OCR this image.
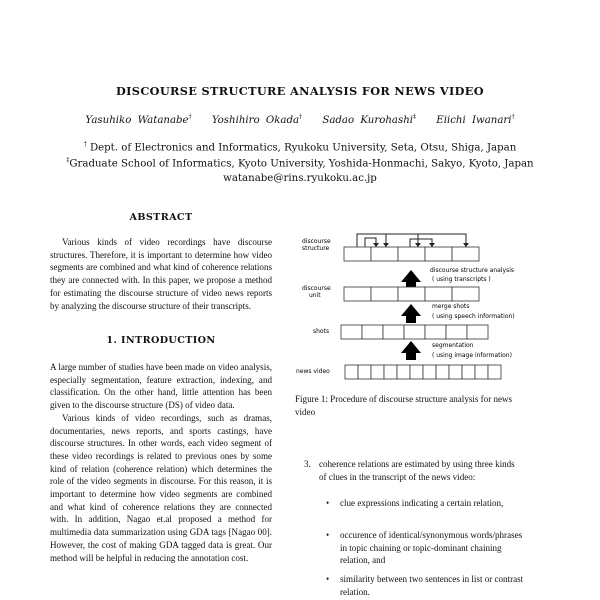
DISCOURSE STRUCTURE ANALYSIS FOR NEWS VIDEO
Yasuhiko Watanabe† Yoshihiro Okada† Sadao Kurohashi‡ Eiichi Iwanari†
† Dept. of Electronics and Informatics, Ryukoku University, Seta, Otsu, Shiga, Japan
‡Graduate School of Informatics, Kyoto University, Yoshida-Honmachi, Sakyo, Kyoto, Japan
watanabe@rins.ryukoku.ac.jp
ABSTRACT

Various kinds of video recordings have discourse structures. Therefore, it is important to determine how video segments are combined and what kind of coherence relations they are connected with. In this paper, we propose a method for estimating the discourse structure of video news reports by analyzing the discourse structure of their transcripts.

1. INTRODUCTION

A large number of studies have been made on video analysis, especially segmentation, feature extraction, indexing, and classification. On the other hand, little attention has been given to the discourse structure (DS) of video data.

Various kinds of video recordings, such as dramas, documentaries, news reports, and sports castings, have discourse structures. In other words, each video segment of these video recordings is related to previous ones by some kind of relation (coherence relation) which determines the role of the video segments in discourse. For this reason, it is important to determine how video segments are combined and what kind of coherence relations they are connected with. In addition, Nagao et.al proposed a method for multimedia data summarization using GDA tags [Nagao 00]. However, the cost of making GDA tagged data is great. Our method will be helpful in reducing the annotation cost.

discourse
structure
discourse structure analysis
( using transcripts )
discourse
unit
merge shots
( using speech information)
shots
segmentation
( using image information)
news video
Figure 1: Procedure of discourse structure analysis for news video
3. coherence relations are estimated by using three kinds of clues in the transcript of the news video:
•	clue expressions indicating a certain relation,
•	occurence of identical/synonymous words/phrases in topic chaining or topic-dominant chaining relation, and
•	similarity between two sentences in list or contrast relation.
